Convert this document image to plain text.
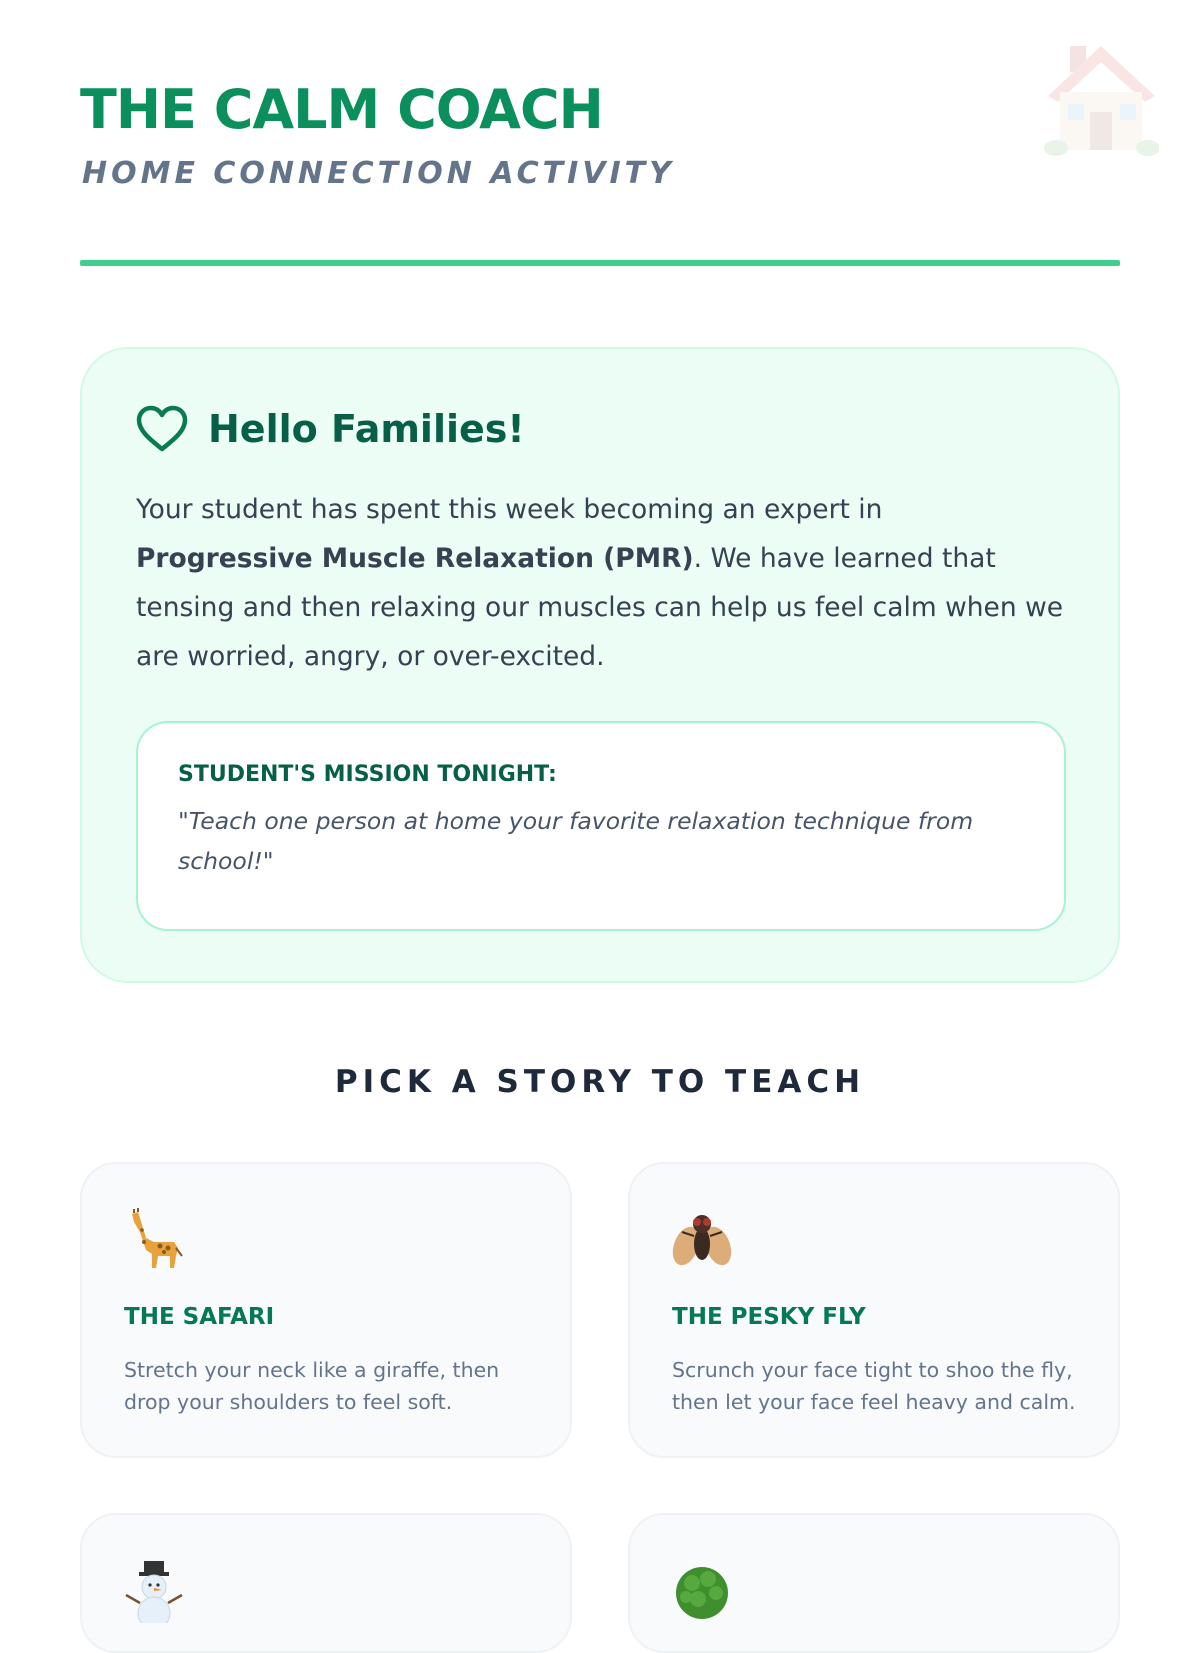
THE CALM COACH

HOME CONNECTION ACTIVITY

Hello Families!

Your student has spent this week becoming an expert in Progressive Muscle Relaxation (PMR). We have learned that tensing and then relaxing our muscles can help us feel calm when we are worried, angry, or over-excited.

STUDENT'S MISSION TONIGHT:

"Teach one person at home your favorite relaxation technique from school!"

PICK A STORY TO TEACH
THE SAFARI

Stretch your neck like a giraffe, then drop your shoulders to feel soft.

THE PESKY FLY

Scrunch your face tight to shoo the fly, then let your face feel heavy and calm.
